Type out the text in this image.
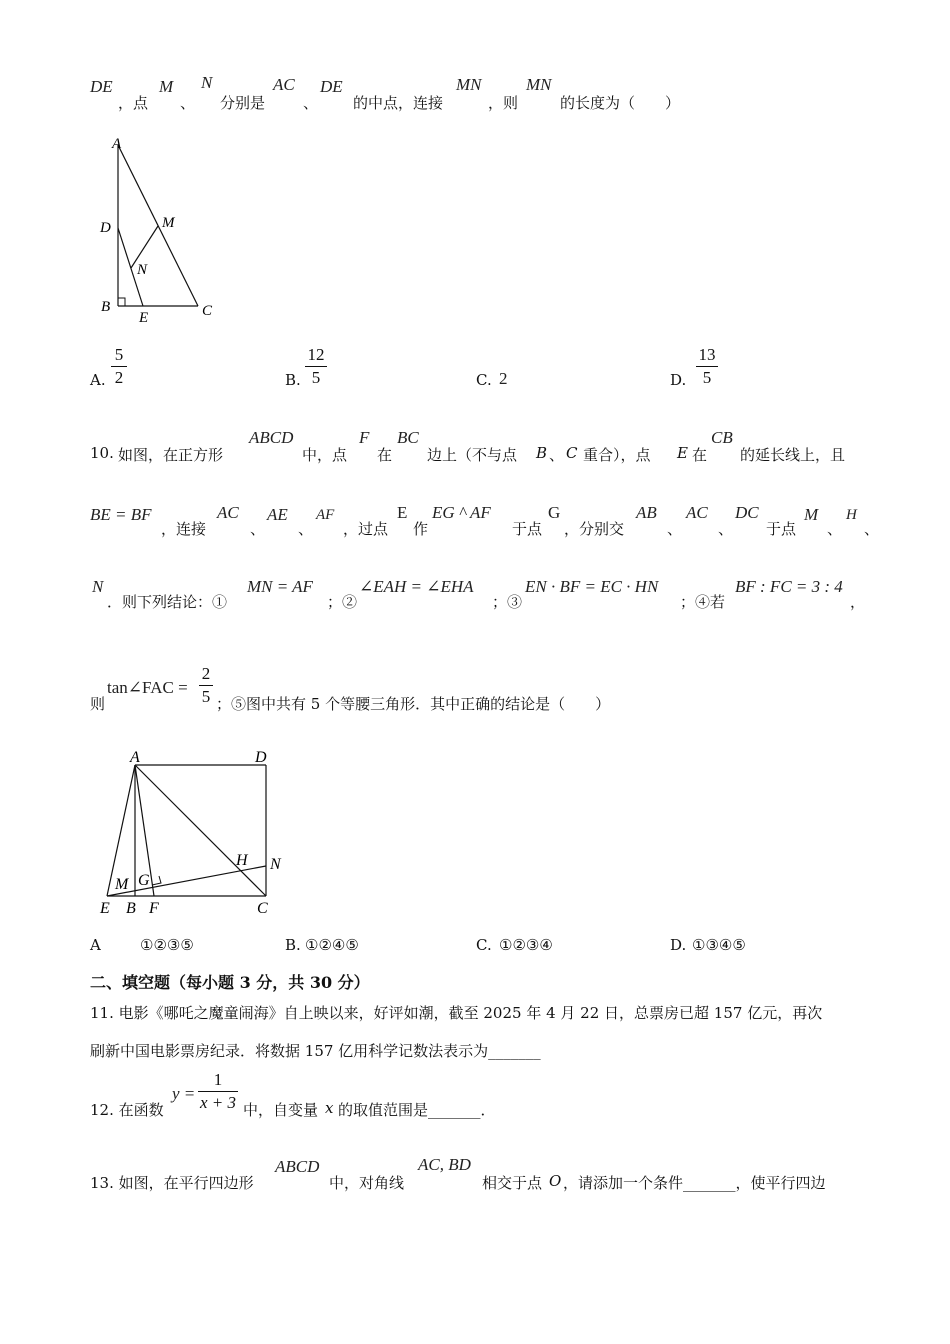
DE
，点
M
、
N
分别是
AC
、
DE
的中点，连接
MN
，则
MN
的长度为（　　）
A
D	M
N
B
E	C
A.
5
2	B.
12
5	C. 2	D.
13
5
10. 如图，在正方形
ABCD
中，点
F
在
BC
边上（不与点 B 、 C 重合），点 E 在
CB
的延长线上，且
BE = BF
，连接
AC
、
AE
、
AF
，过点
E
作
EG ^ AF
于点
G
，分别交
AB
、
AC
、
DC
于点
M
、
H
、
N
．则下列结论：①
MN = AF
；②
∠EAH = ∠EHA
；③
EN · BF = EC · HN
；④若
BF : FC = 3 : 4
，
则
tan∠FAC =
2
5 ；⑤图中共有 5 个等腰三角形．其中正确的结论是（　　）
A	D
H N
M G
E B F	C
A	①②③⑤	B. ①②④⑤	C. ①②③④	D. ①③④⑤
二、填空题（每小题 3 分，共 30 分）
11. 电影《哪吒之魔童闹海》自上映以来，好评如潮，截至 2025 年 4 月 22 日，总票房已超 157 亿元，再次
刷新中国电影票房纪录．将数据 157 亿用科学记数法表示为_______
12. 在函数
y =
1
x + 3 中，自变量 x 的取值范围是_______．
13. 如图，在平行四边形
ABCD
中，对角线
AC, BD
相交于点 O ，请添加一个条件_______，使平行四边
